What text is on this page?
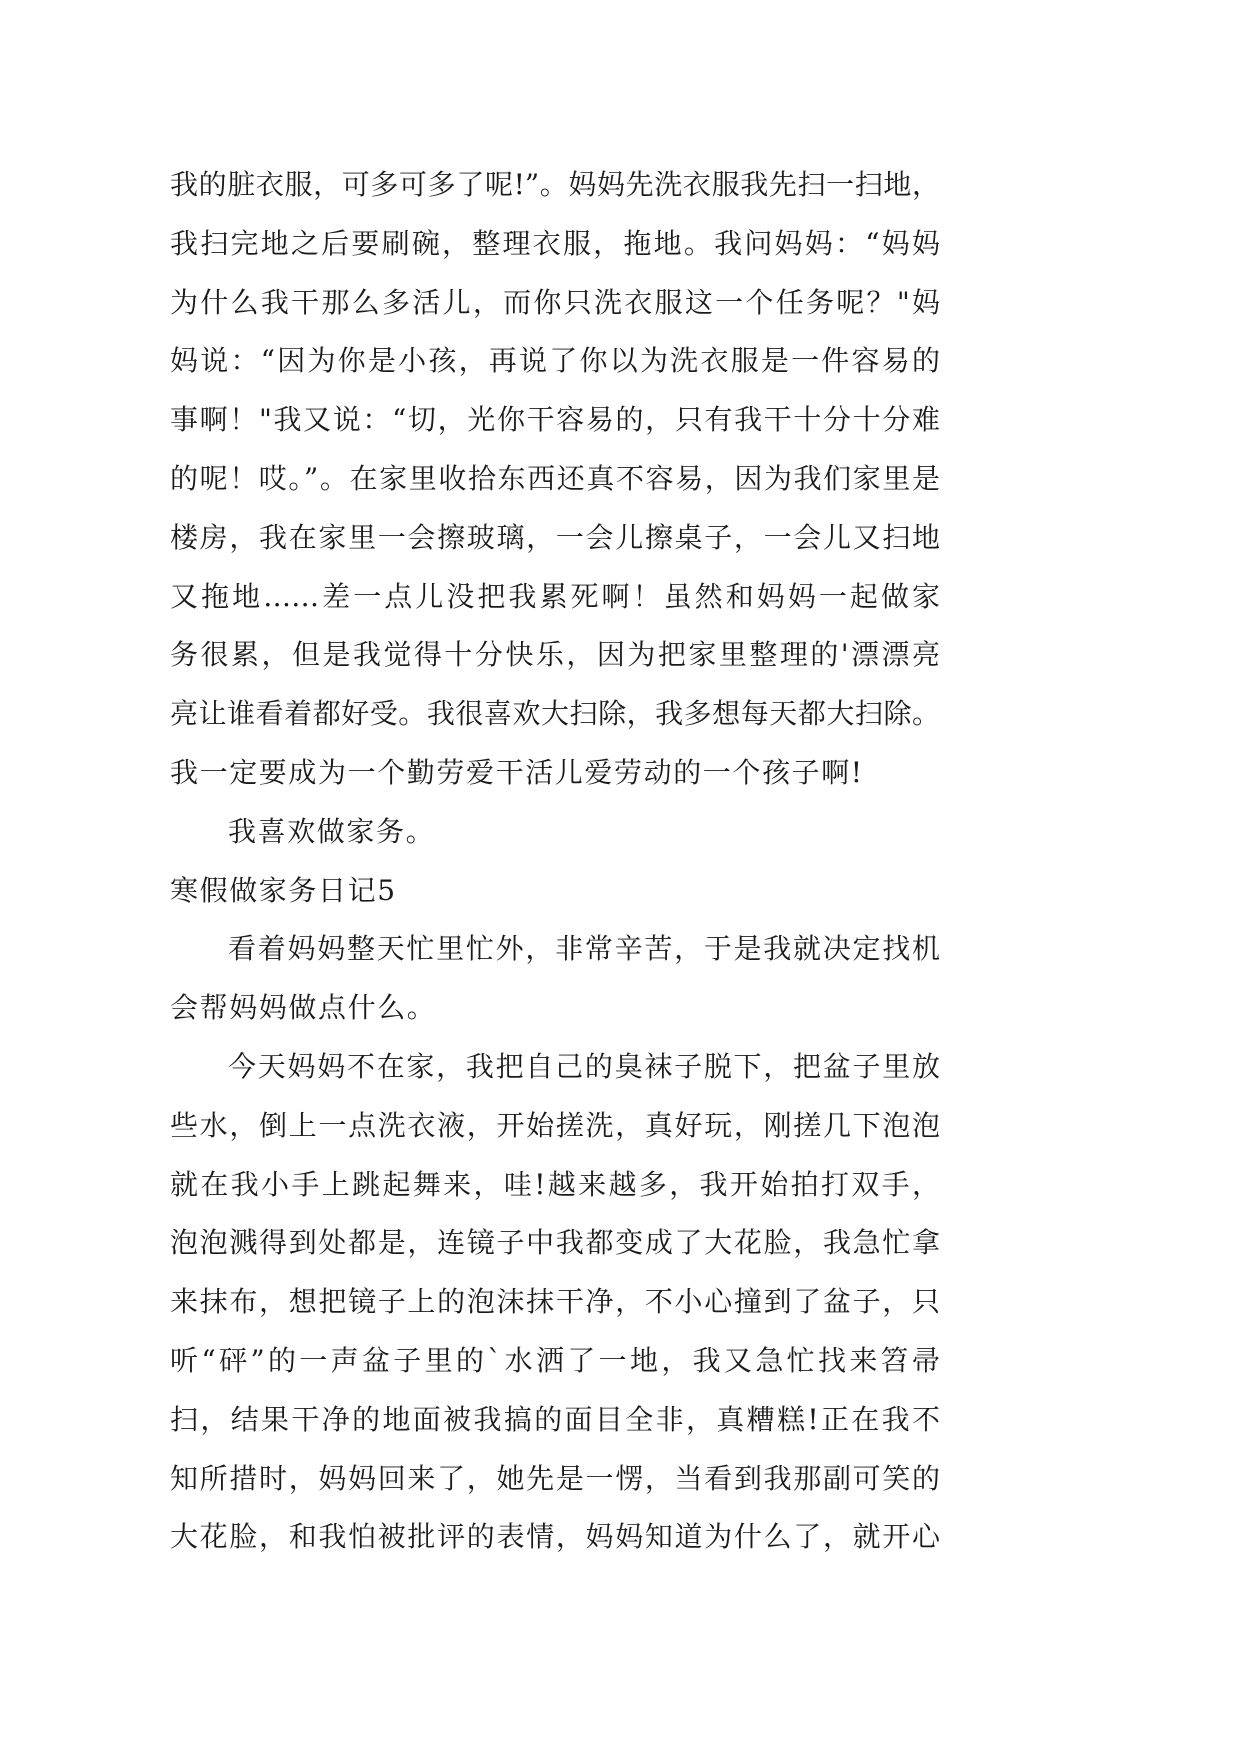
我的脏衣服，可多可多了呢!”。妈妈先洗衣服我先扫一扫地，
我扫完地之后要刷碗，整理衣服，拖地。我问妈妈：“妈妈
为什么我干那么多活儿，而你只洗衣服这一个任务呢？"妈
妈说：“因为你是小孩，再说了你以为洗衣服是一件容易的
事啊！"我又说：“切，光你干容易的，只有我干十分十分难
的呢！哎。”。在家里收拾东西还真不容易，因为我们家里是
楼房，我在家里一会擦玻璃，一会儿擦桌子，一会儿又扫地
又拖地……差一点儿没把我累死啊！虽然和妈妈一起做家
务很累，但是我觉得十分快乐，因为把家里整理的'漂漂亮
亮让谁看着都好受。我很喜欢大扫除，我多想每天都大扫除。
我一定要成为一个勤劳爱干活儿爱劳动的一个孩子啊!
我喜欢做家务。
寒假做家务日记5
看着妈妈整天忙里忙外，非常辛苦，于是我就决定找机
会帮妈妈做点什么。
今天妈妈不在家，我把自己的臭袜子脱下，把盆子里放
些水，倒上一点洗衣液，开始搓洗，真好玩，刚搓几下泡泡
就在我小手上跳起舞来，哇!越来越多，我开始拍打双手，
泡泡溅得到处都是，连镜子中我都变成了大花脸，我急忙拿
来抹布，想把镜子上的泡沫抹干净，不小心撞到了盆子，只
听“砰”的一声盆子里的`水洒了一地，我又急忙找来笤帚
扫，结果干净的地面被我搞的面目全非，真糟糕!正在我不
知所措时，妈妈回来了，她先是一愣，当看到我那副可笑的
大花脸，和我怕被批评的表情，妈妈知道为什么了，就开心
